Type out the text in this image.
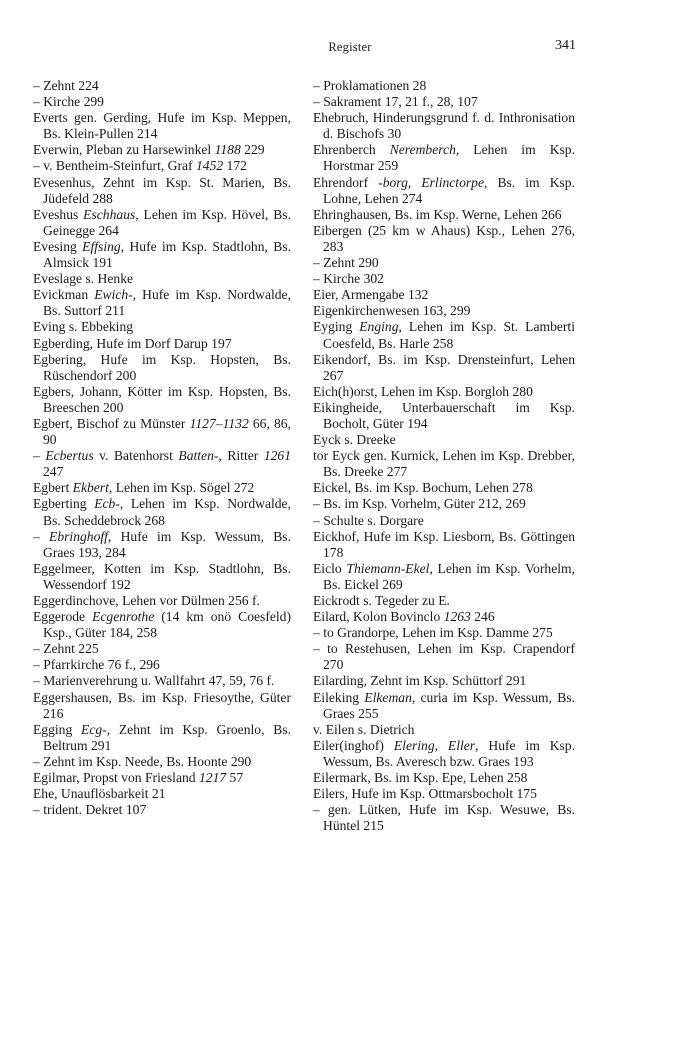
Register	341

– Zehnt 224

– Kirche 299

Everts gen. Gerding, Hufe im Ksp. Meppen, Bs. Klein-Pullen 214

Everwin, Pleban zu Harsewinkel 1188 229

– v. Bentheim-Steinfurt, Graf 1452 172

Evesenhus, Zehnt im Ksp. St. Marien, Bs. Jüdefeld 288

Eveshus Eschhaus, Lehen im Ksp. Hövel, Bs. Geinegge 264

Evesing Effsing, Hufe im Ksp. Stadtlohn, Bs. Almsick 191

Eveslage s. Henke

Evickman Ewich-, Hufe im Ksp. Nordwalde, Bs. Suttorf 211

Eving s. Ebbeking

Egberding, Hufe im Dorf Darup 197

Egbering, Hufe im Ksp. Hopsten, Bs. Rüschendorf 200

Egbers, Johann, Kötter im Ksp. Hopsten, Bs. Breeschen 200

Egbert, Bischof zu Münster 1127–1132 66, 86, 90

– Ecbertus v. Batenhorst Batten-, Ritter 1261 247

Egbert Ekbert, Lehen im Ksp. Sögel 272

Egberting Ecb-, Lehen im Ksp. Nordwalde, Bs. Scheddebrock 268

– Ebringhoff, Hufe im Ksp. Wessum, Bs. Graes 193, 284

Eggelmeer, Kotten im Ksp. Stadtlohn, Bs. Wessendorf 192

Eggerdinchove, Lehen vor Dülmen 256 f.

Eggerode Ecgenrothe (14 km onö Coesfeld) Ksp., Güter 184, 258

– Zehnt 225

– Pfarrkirche 76 f., 296

– Marienverehrung u. Wallfahrt 47, 59, 76 f.

Eggershausen, Bs. im Ksp. Friesoythe, Güter 216

Egging Ecg-, Zehnt im Ksp. Groenlo, Bs. Beltrum 291

– Zehnt im Ksp. Neede, Bs. Hoonte 290

Egilmar, Propst von Friesland 1217 57

Ehe, Unauflösbarkeit 21

– trident. Dekret 107

– Proklamationen 28

– Sakrament 17, 21 f., 28, 107

Ehebruch, Hinderungsgrund f. d. Inthronisation d. Bischofs 30

Ehrenberch Neremberch, Lehen im Ksp. Horstmar 259

Ehrendorf -borg, Erlinctorpe, Bs. im Ksp. Lohne, Lehen 274

Ehringhausen, Bs. im Ksp. Werne, Lehen 266

Eibergen (25 km w Ahaus) Ksp., Lehen 276, 283

– Zehnt 290

– Kirche 302

Eier, Armengabe 132

Eigenkirchenwesen 163, 299

Eyging Enging, Lehen im Ksp. St. Lamberti Coesfeld, Bs. Harle 258

Eikendorf, Bs. im Ksp. Drensteinfurt, Lehen 267

Eich(h)orst, Lehen im Ksp. Borgloh 280

Eikingheide, Unterbauerschaft im Ksp. Bocholt, Güter 194

Eyck s. Dreeke

tor Eyck gen. Kurnick, Lehen im Ksp. Drebber, Bs. Dreeke 277

Eickel, Bs. im Ksp. Bochum, Lehen 278

– Bs. im Ksp. Vorhelm, Güter 212, 269

– Schulte s. Dorgare

Eickhof, Hufe im Ksp. Liesborn, Bs. Göttingen 178

Eiclo Thiemann-Ekel, Lehen im Ksp. Vorhelm, Bs. Eickel 269

Eickrodt s. Tegeder zu E.

Eilard, Kolon Bovinclo 1263 246

– to Grandorpe, Lehen im Ksp. Damme 275

– to Restehusen, Lehen im Ksp. Crapendorf 270

Eilarding, Zehnt im Ksp. Schüttorf 291

Eileking Elkeman, curia im Ksp. Wessum, Bs. Graes 255

v. Eilen s. Dietrich

Eiler(inghof) Elering, Eller, Hufe im Ksp. Wessum, Bs. Averesch bzw. Graes 193

Eilermark, Bs. im Ksp. Epe, Lehen 258

Eilers, Hufe im Ksp. Ottmarsbocholt 175

– gen. Lütken, Hufe im Ksp. Wesuwe, Bs. Hüntel 215
